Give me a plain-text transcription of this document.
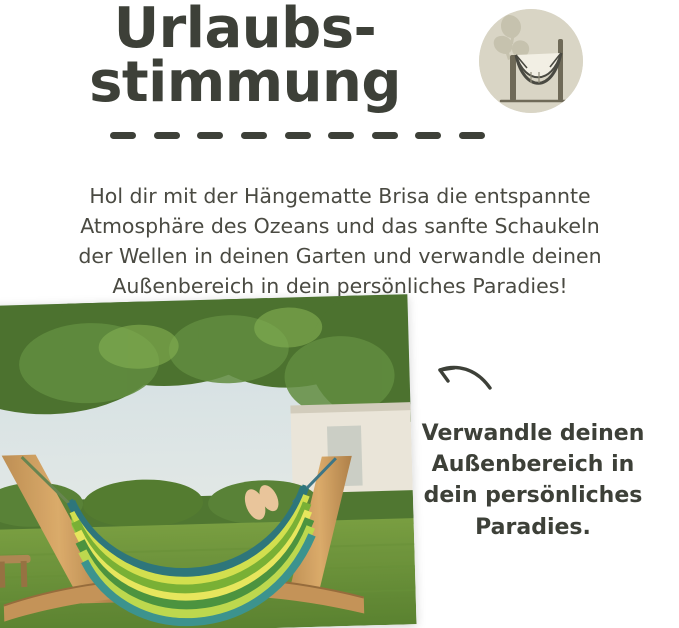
Urlaubs-
stimmung

Hol dir mit der Hängematte Brisa die entspannte Atmosphäre des Ozeans und das sanfte Schaukeln der Wellen in deinen Garten und verwandle deinen Außenbereich in dein persönliches Paradies!

Verwandle deinen
Außenbereich in
dein persönliches
Paradies.
